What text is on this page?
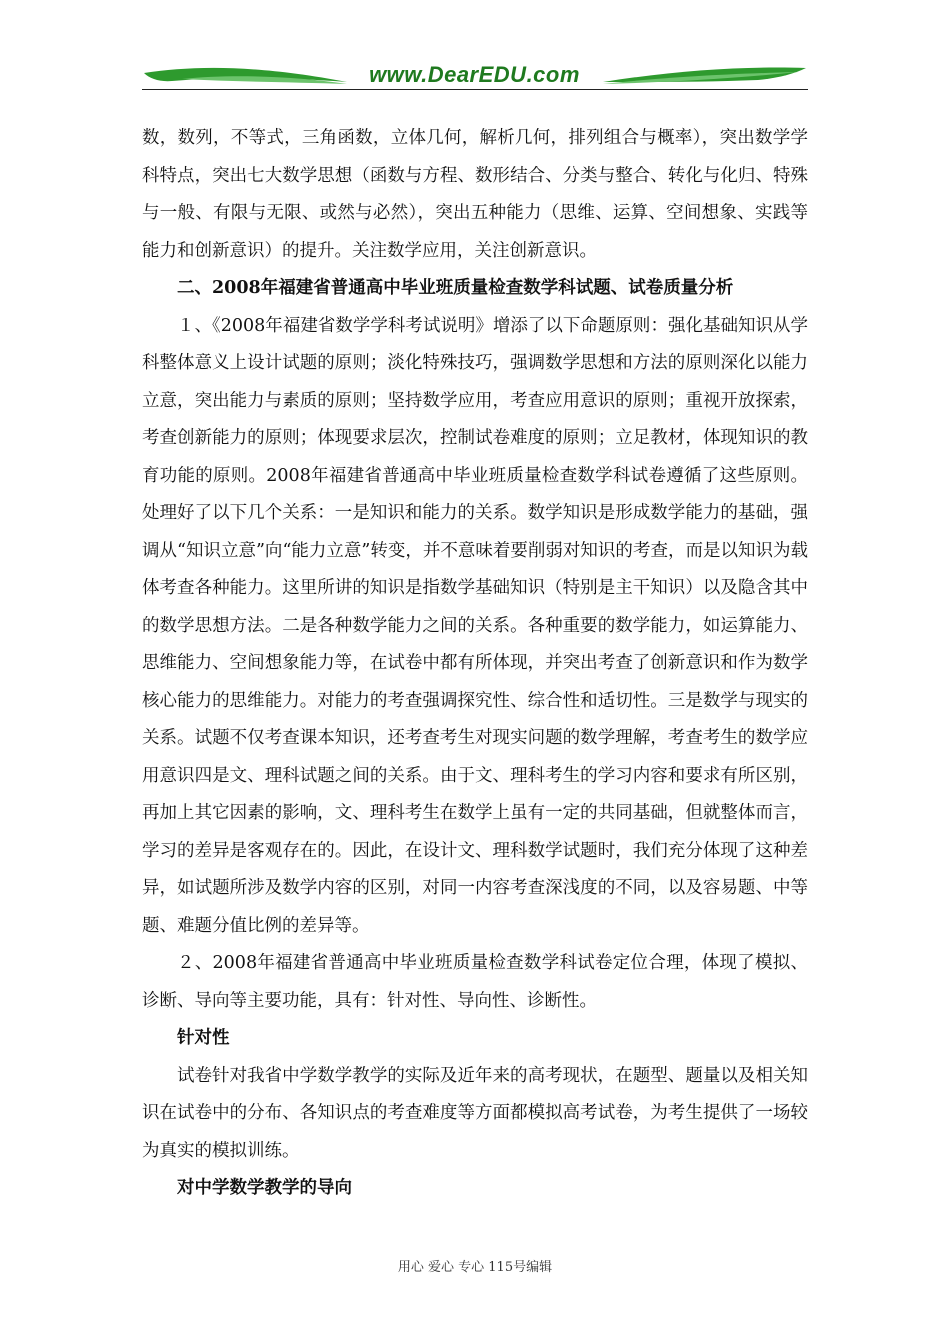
www.DearEDU.com

数，数列，不等式，三角函数，立体几何，解析几何，排列组合与概率），突出数学学科特点，突出七大数学思想（函数与方程、数形结合、分类与整合、转化与化归、特殊与一般、有限与无限、或然与必然），突出五种能力（思维、运算、空间想象、实践等能力和创新意识）的提升。关注数学应用，关注创新意识。

二、2008年福建省普通高中毕业班质量检查数学科试题、试卷质量分析

１、《2008年福建省数学学科考试说明》增添了以下命题原则：强化基础知识从学科整体意义上设计试题的原则；淡化特殊技巧，强调数学思想和方法的原则深化以能力立意，突出能力与素质的原则；坚持数学应用，考查应用意识的原则；重视开放探索，考查创新能力的原则；体现要求层次，控制试卷难度的原则；立足教材，体现知识的教育功能的原则。2008年福建省普通高中毕业班质量检查数学科试卷遵循了这些原则。处理好了以下几个关系：一是知识和能力的关系。数学知识是形成数学能力的基础，强调从“知识立意”向“能力立意”转变，并不意味着要削弱对知识的考查，而是以知识为载体考查各种能力。这里所讲的知识是指数学基础知识（特别是主干知识）以及隐含其中的数学思想方法。二是各种数学能力之间的关系。各种重要的数学能力，如运算能力、思维能力、空间想象能力等，在试卷中都有所体现，并突出考查了创新意识和作为数学核心能力的思维能力。对能力的考查强调探究性、综合性和适切性。三是数学与现实的关系。试题不仅考查课本知识，还考查考生对现实问题的数学理解，考查考生的数学应用意识四是文、理科试题之间的关系。由于文、理科考生的学习内容和要求有所区别，再加上其它因素的影响，文、理科考生在数学上虽有一定的共同基础，但就整体而言，学习的差异是客观存在的。因此，在设计文、理科数学试题时，我们充分体现了这种差异，如试题所涉及数学内容的区别，对同一内容考查深浅度的不同，以及容易题、中等题、难题分值比例的差异等。

２、2008年福建省普通高中毕业班质量检查数学科试卷定位合理，体现了模拟、诊断、导向等主要功能，具有：针对性、导向性、诊断性。

针对性

试卷针对我省中学数学教学的实际及近年来的高考现状，在题型、题量以及相关知识在试卷中的分布、各知识点的考查难度等方面都模拟高考试卷，为考生提供了一场较为真实的模拟训练。

对中学数学教学的导向

用心 爱心 专心 115号编辑
